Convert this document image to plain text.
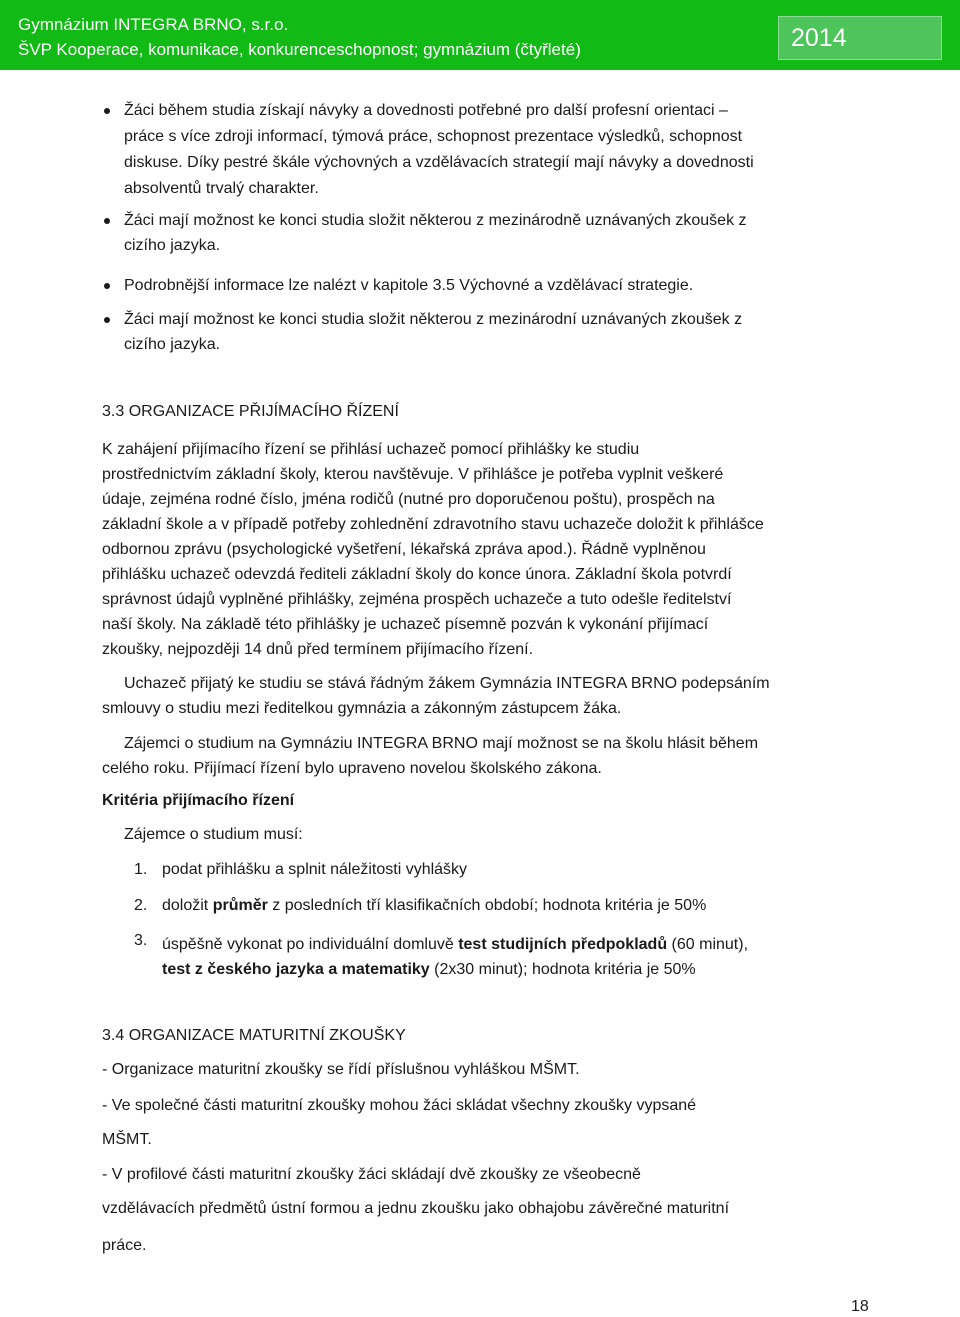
Gymnázium INTEGRA BRNO, s.r.o.
ŠVP Kooperace, komunikace, konkurenceschopnost; gymnázium (čtyřleté)	2014
Žáci během studia získají návyky a dovednosti potřebné pro další profesní orientaci –
práce s více zdroji informací, týmová práce, schopnost prezentace výsledků, schopnost
diskuse. Díky pestré škále výchovných a vzdělávacích strategií mají návyky a dovednosti
absolventů trvalý charakter.
Žáci mají možnost ke konci studia složit některou z mezinárodně uznávaných zkoušek z
cizího jazyka.
Podrobnější informace lze nalézt v kapitole 3.5 Výchovné a vzdělávací strategie.
Žáci mají možnost ke konci studia složit některou z mezinárodní uznávaných zkoušek z
cizího jazyka.
3.3 ORGANIZACE PŘIJÍMACÍHO ŘÍZENÍ
K zahájení přijímacího řízení se přihlásí uchazeč pomocí přihlášky ke studiu
prostřednictvím základní školy, kterou navštěvuje. V přihlášce je potřeba vyplnit veškeré
údaje, zejména rodné číslo, jména rodičů (nutné pro doporučenou poštu), prospěch na
základní škole a v případě potřeby zohlednění zdravotního stavu uchazeče doložit k přihlášce
odbornou zprávu (psychologické vyšetření, lékařská zpráva apod.). Řádně vyplněnou
přihlášku uchazeč odevzdá řediteli základní školy do konce února. Základní škola potvrdí
správnost údajů vyplněné přihlášky, zejména prospěch uchazeče a tuto odešle ředitelství
naší školy. Na základě této přihlášky je uchazeč písemně pozván k vykonání přijímací
zkoušky, nejpozději 14 dnů před termínem přijímacího řízení.
Uchazeč přijatý ke studiu se stává řádným žákem Gymnázia INTEGRA BRNO podepsáním
smlouvy o studiu mezi ředitelkou gymnázia a zákonným zástupcem žáka.
Zájemci o studium na Gymnáziu INTEGRA BRNO mají možnost se na školu hlásit během
celého roku. Přijímací řízení bylo upraveno novelou školského zákona.
Kritéria přijímacího řízení
Zájemce o studium musí:
1. podat přihlášku a splnit náležitosti vyhlášky
2. doložit průměr z posledních tří klasifikačních období; hodnota kritéria je 50%
3. úspěšně vykonat po individuální domluvě test studijních předpokladů (60 minut),
test z českého jazyka a matematiky (2x30 minut); hodnota kritéria je 50%
3.4 ORGANIZACE MATURITNÍ ZKOUŠKY
- Organizace maturitní zkoušky se řídí příslušnou vyhláškou MŠMT.
- Ve společné části maturitní zkoušky mohou žáci skládat všechny zkoušky vypsané
MŠMT.
- V profilové části maturitní zkoušky žáci skládají dvě zkoušky ze všeobecně
vzdělávacích předmětů ústní formou a jednu zkoušku jako obhajobu závěrečné maturitní
práce.
18
